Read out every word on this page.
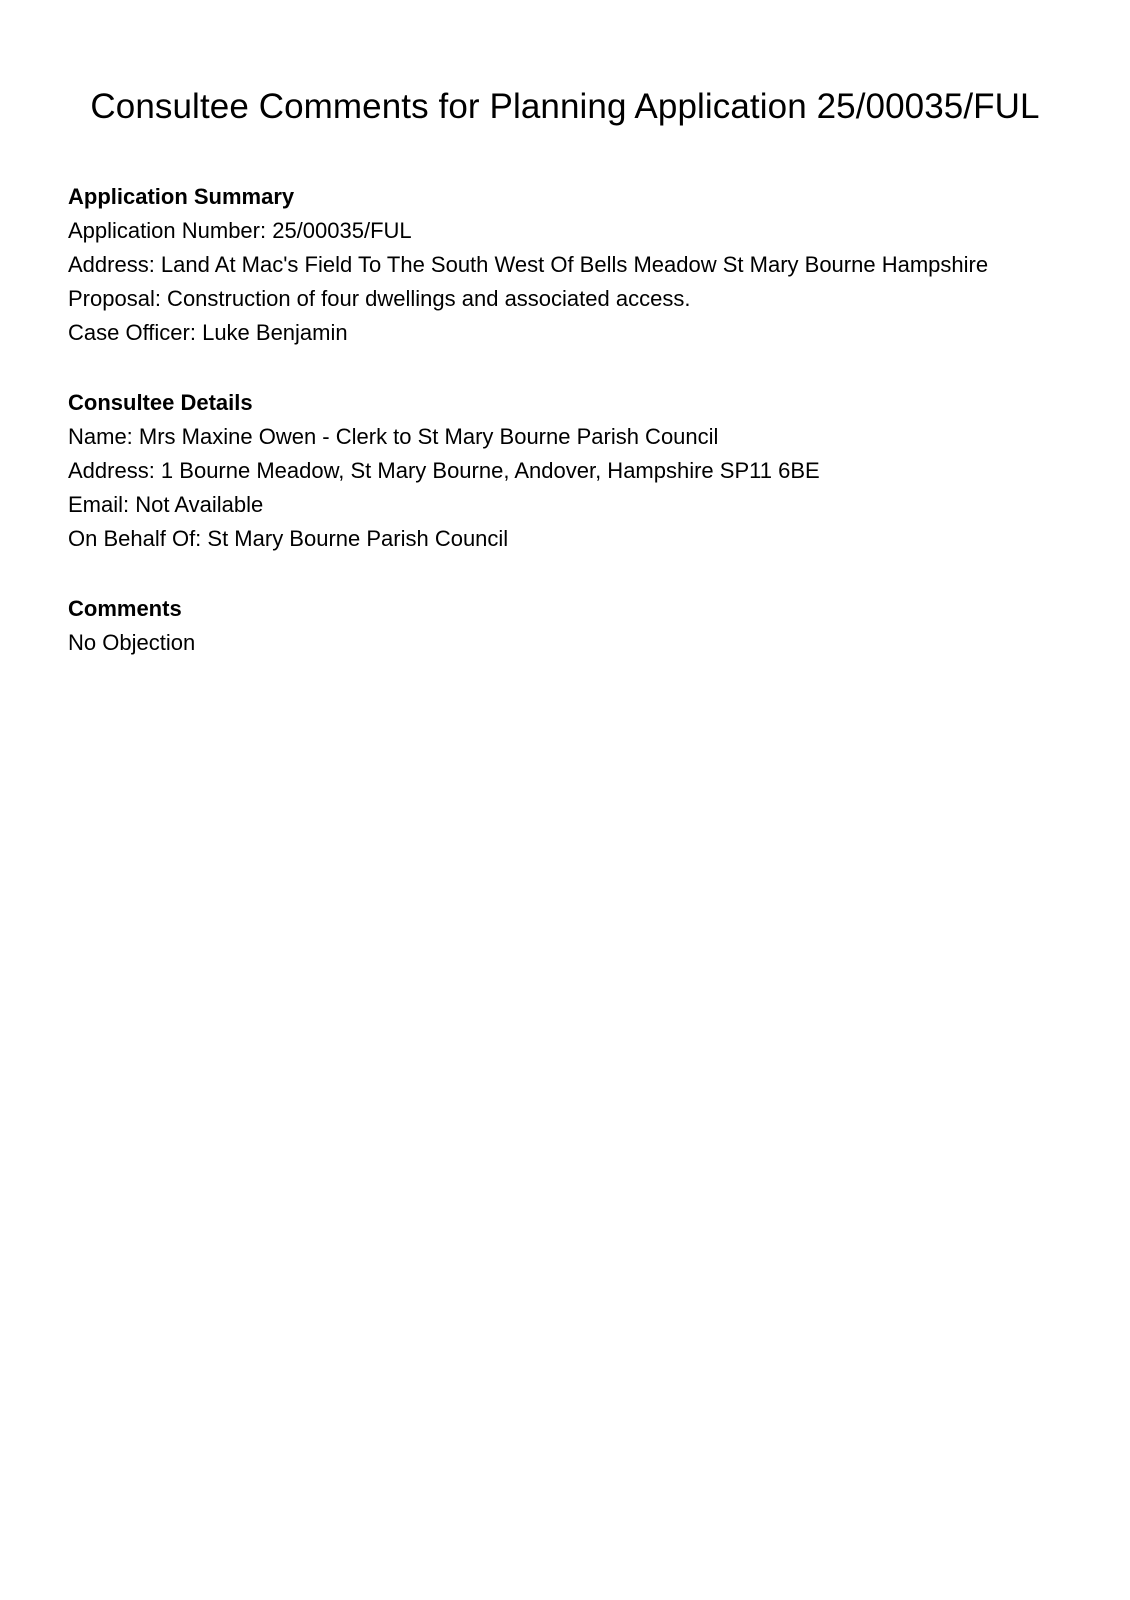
Consultee Comments for Planning Application 25/00035/FUL
Application Summary
Application Number: 25/00035/FUL
Address: Land At Mac's Field To The South West Of Bells Meadow St Mary Bourne Hampshire
Proposal: Construction of four dwellings and associated access.
Case Officer: Luke Benjamin
Consultee Details
Name: Mrs Maxine Owen - Clerk to St Mary Bourne Parish Council
Address: 1 Bourne Meadow, St Mary Bourne, Andover, Hampshire SP11 6BE
Email: Not Available
On Behalf Of: St Mary Bourne Parish Council
Comments
No Objection
